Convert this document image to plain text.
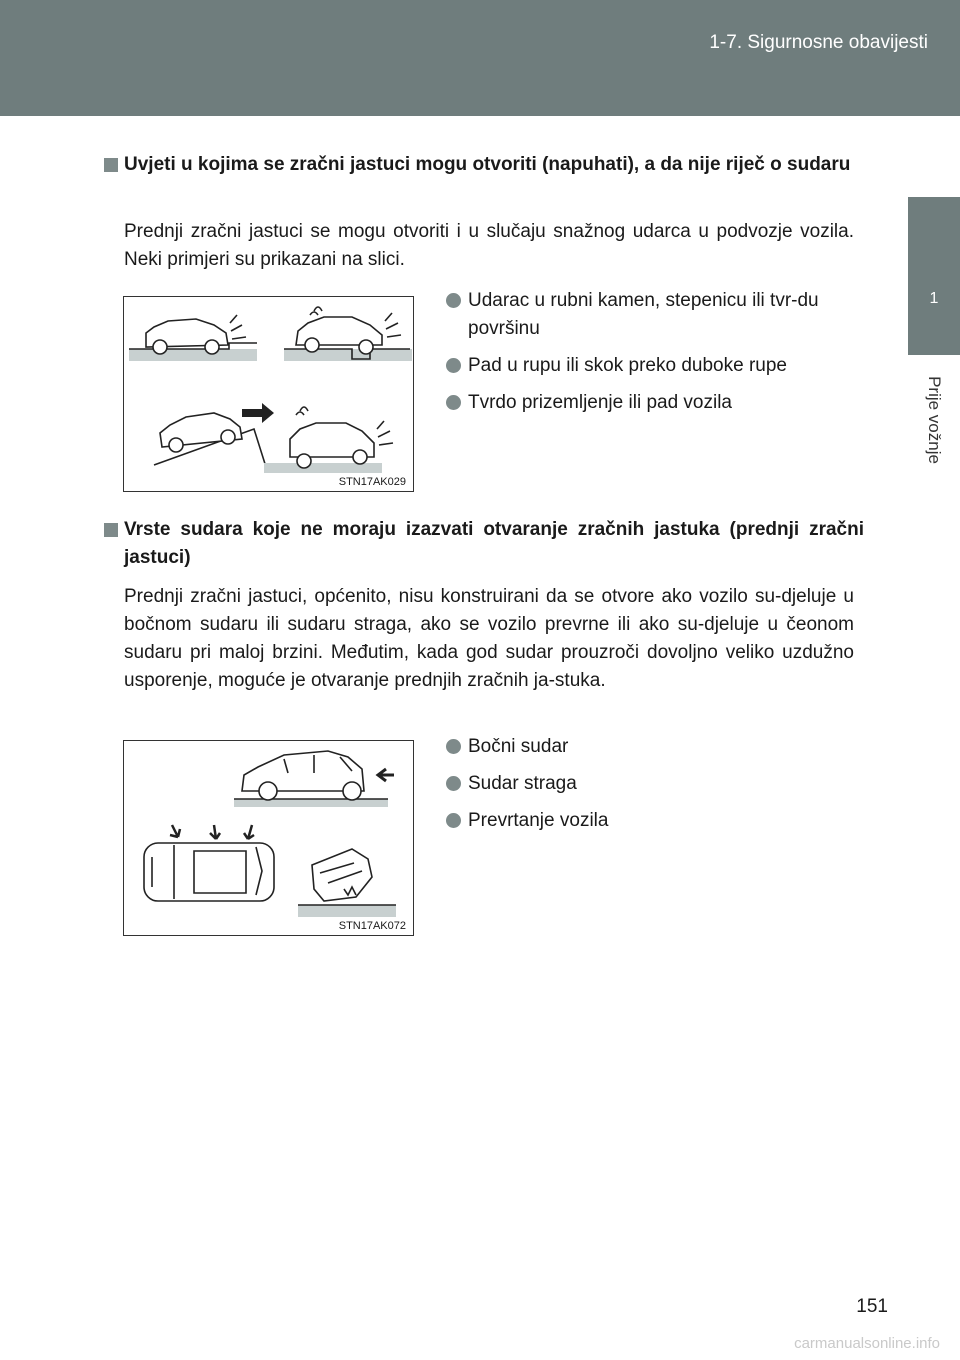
1-7. Sigurnosne obavijesti
1
Prije vožnje
Uvjeti u kojima se zračni jastuci mogu otvoriti (napuhati), a da nije riječ o sudaru
Prednji zračni jastuci se mogu otvoriti i u slučaju snažnog udarca u podvozje vozila. Neki primjeri su prikazani na slici.
STN17AK029
Udarac u rubni kamen, stepenicu ili tvr-du površinu
Pad u rupu ili skok preko duboke rupe
Tvrdo prizemljenje ili pad vozila
Vrste sudara koje ne moraju izazvati otvaranje zračnih jastuka (prednji zračni jastuci)
Prednji zračni jastuci, općenito, nisu konstruirani da se otvore ako vozilo su-djeluje u bočnom sudaru ili sudaru straga, ako se vozilo prevrne ili ako su-djeluje u čeonom sudaru pri maloj brzini. Međutim, kada god sudar prouzroči dovoljno veliko uzdužno usporenje, moguće je otvaranje prednjih zračnih ja-stuka.
STN17AK072
Bočni sudar
Sudar straga
Prevrtanje vozila
151
carmanualsonline.info
